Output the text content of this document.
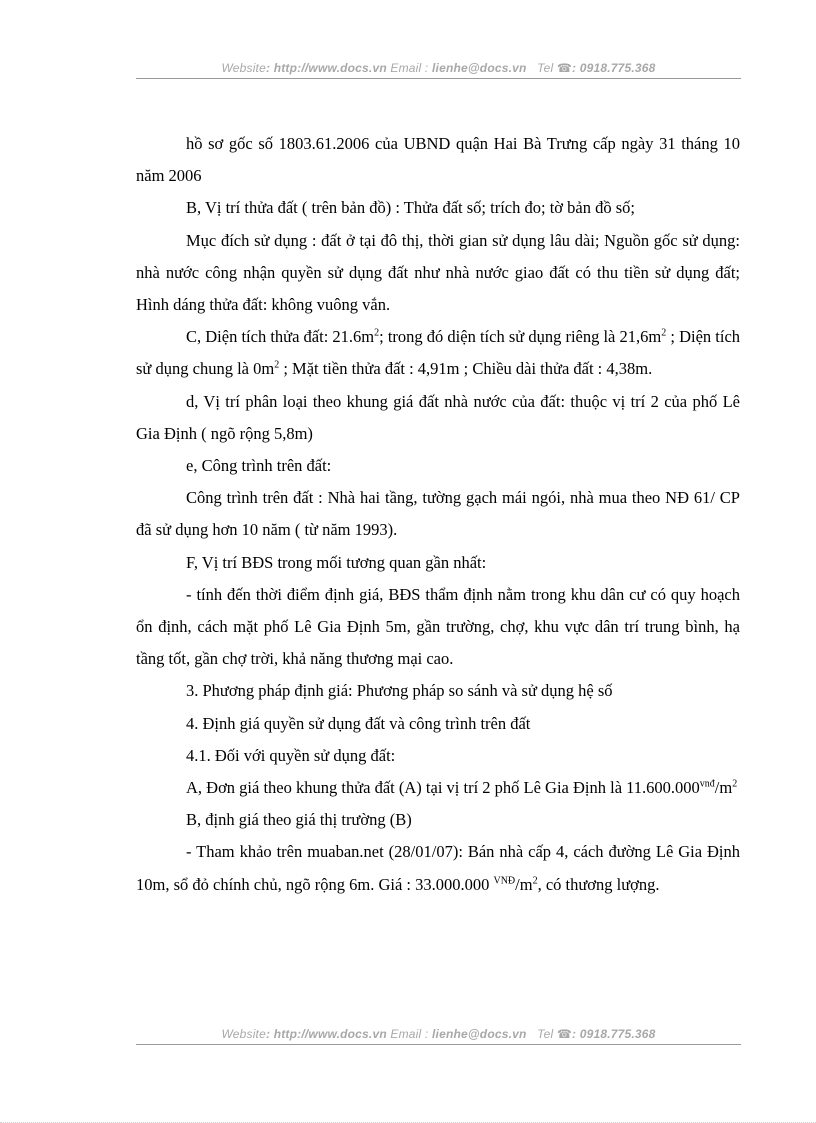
Website: http://www.docs.vn Email : lienhe@docs.vn Tel ☎: 0918.775.368

hồ sơ gốc số 1803.61.2006 của UBND quận Hai Bà Trưng cấp ngày 31 tháng 10 năm 2006

B, Vị trí thửa đất ( trên bản đồ) : Thửa đất số; trích đo; tờ bản đồ số;

Mục đích sử dụng : đất ở tại đô thị, thời gian sử dụng lâu dài; Nguồn gốc sử dụng: nhà nước công nhận quyền sử dụng đất như nhà nước giao đất có thu tiền sử dụng đất; Hình dáng thửa đất: không vuông vắn.

C, Diện tích thửa đất: $21.6m^2$; trong đó diện tích sử dụng riêng là $21,6m^2$ ; Diện tích sử dụng chung là $0m^2$ ; Mặt tiền thửa đất : 4,91m ; Chiều dài thửa đất : 4,38m.

d, Vị trí phân loại theo khung giá đất nhà nước của đất: thuộc vị trí 2 của phố Lê Gia Định ( ngõ rộng 5,8m)

e, Công trình trên đất:

Công trình trên đất : Nhà hai tầng, tường gạch mái ngói, nhà mua theo NĐ 61/ CP đã sử dụng hơn 10 năm ( từ năm 1993).

F, Vị trí BĐS trong mối tương quan gần nhất:

- tính đến thời điểm định giá, BĐS thẩm định nằm trong khu dân cư có quy hoạch ổn định, cách mặt phố Lê Gia Định 5m, gần trường, chợ, khu vực dân trí trung bình, hạ tầng tốt, gần chợ trời, khả năng thương mại cao.

3. Phương pháp định giá: Phương pháp so sánh và sử dụng hệ số

4. Định giá quyền sử dụng đất và công trình trên đất

4.1. Đối với quyền sử dụng đất:

A, Đơn giá theo khung thửa đất (A) tại vị trí 2 phố Lê Gia Định là $11.600.000^{vnđ}/m^2$

B, định giá theo giá thị trường (B)

- Tham khảo trên muaban.net (28/01/07): Bán nhà cấp 4, cách đường Lê Gia Định 10m, sổ đỏ chính chủ, ngõ rộng 6m. Giá : 33.000.000 $^{VNĐ}/m^2$, có thương lượng.

Website: http://www.docs.vn Email : lienhe@docs.vn Tel ☎: 0918.775.368
